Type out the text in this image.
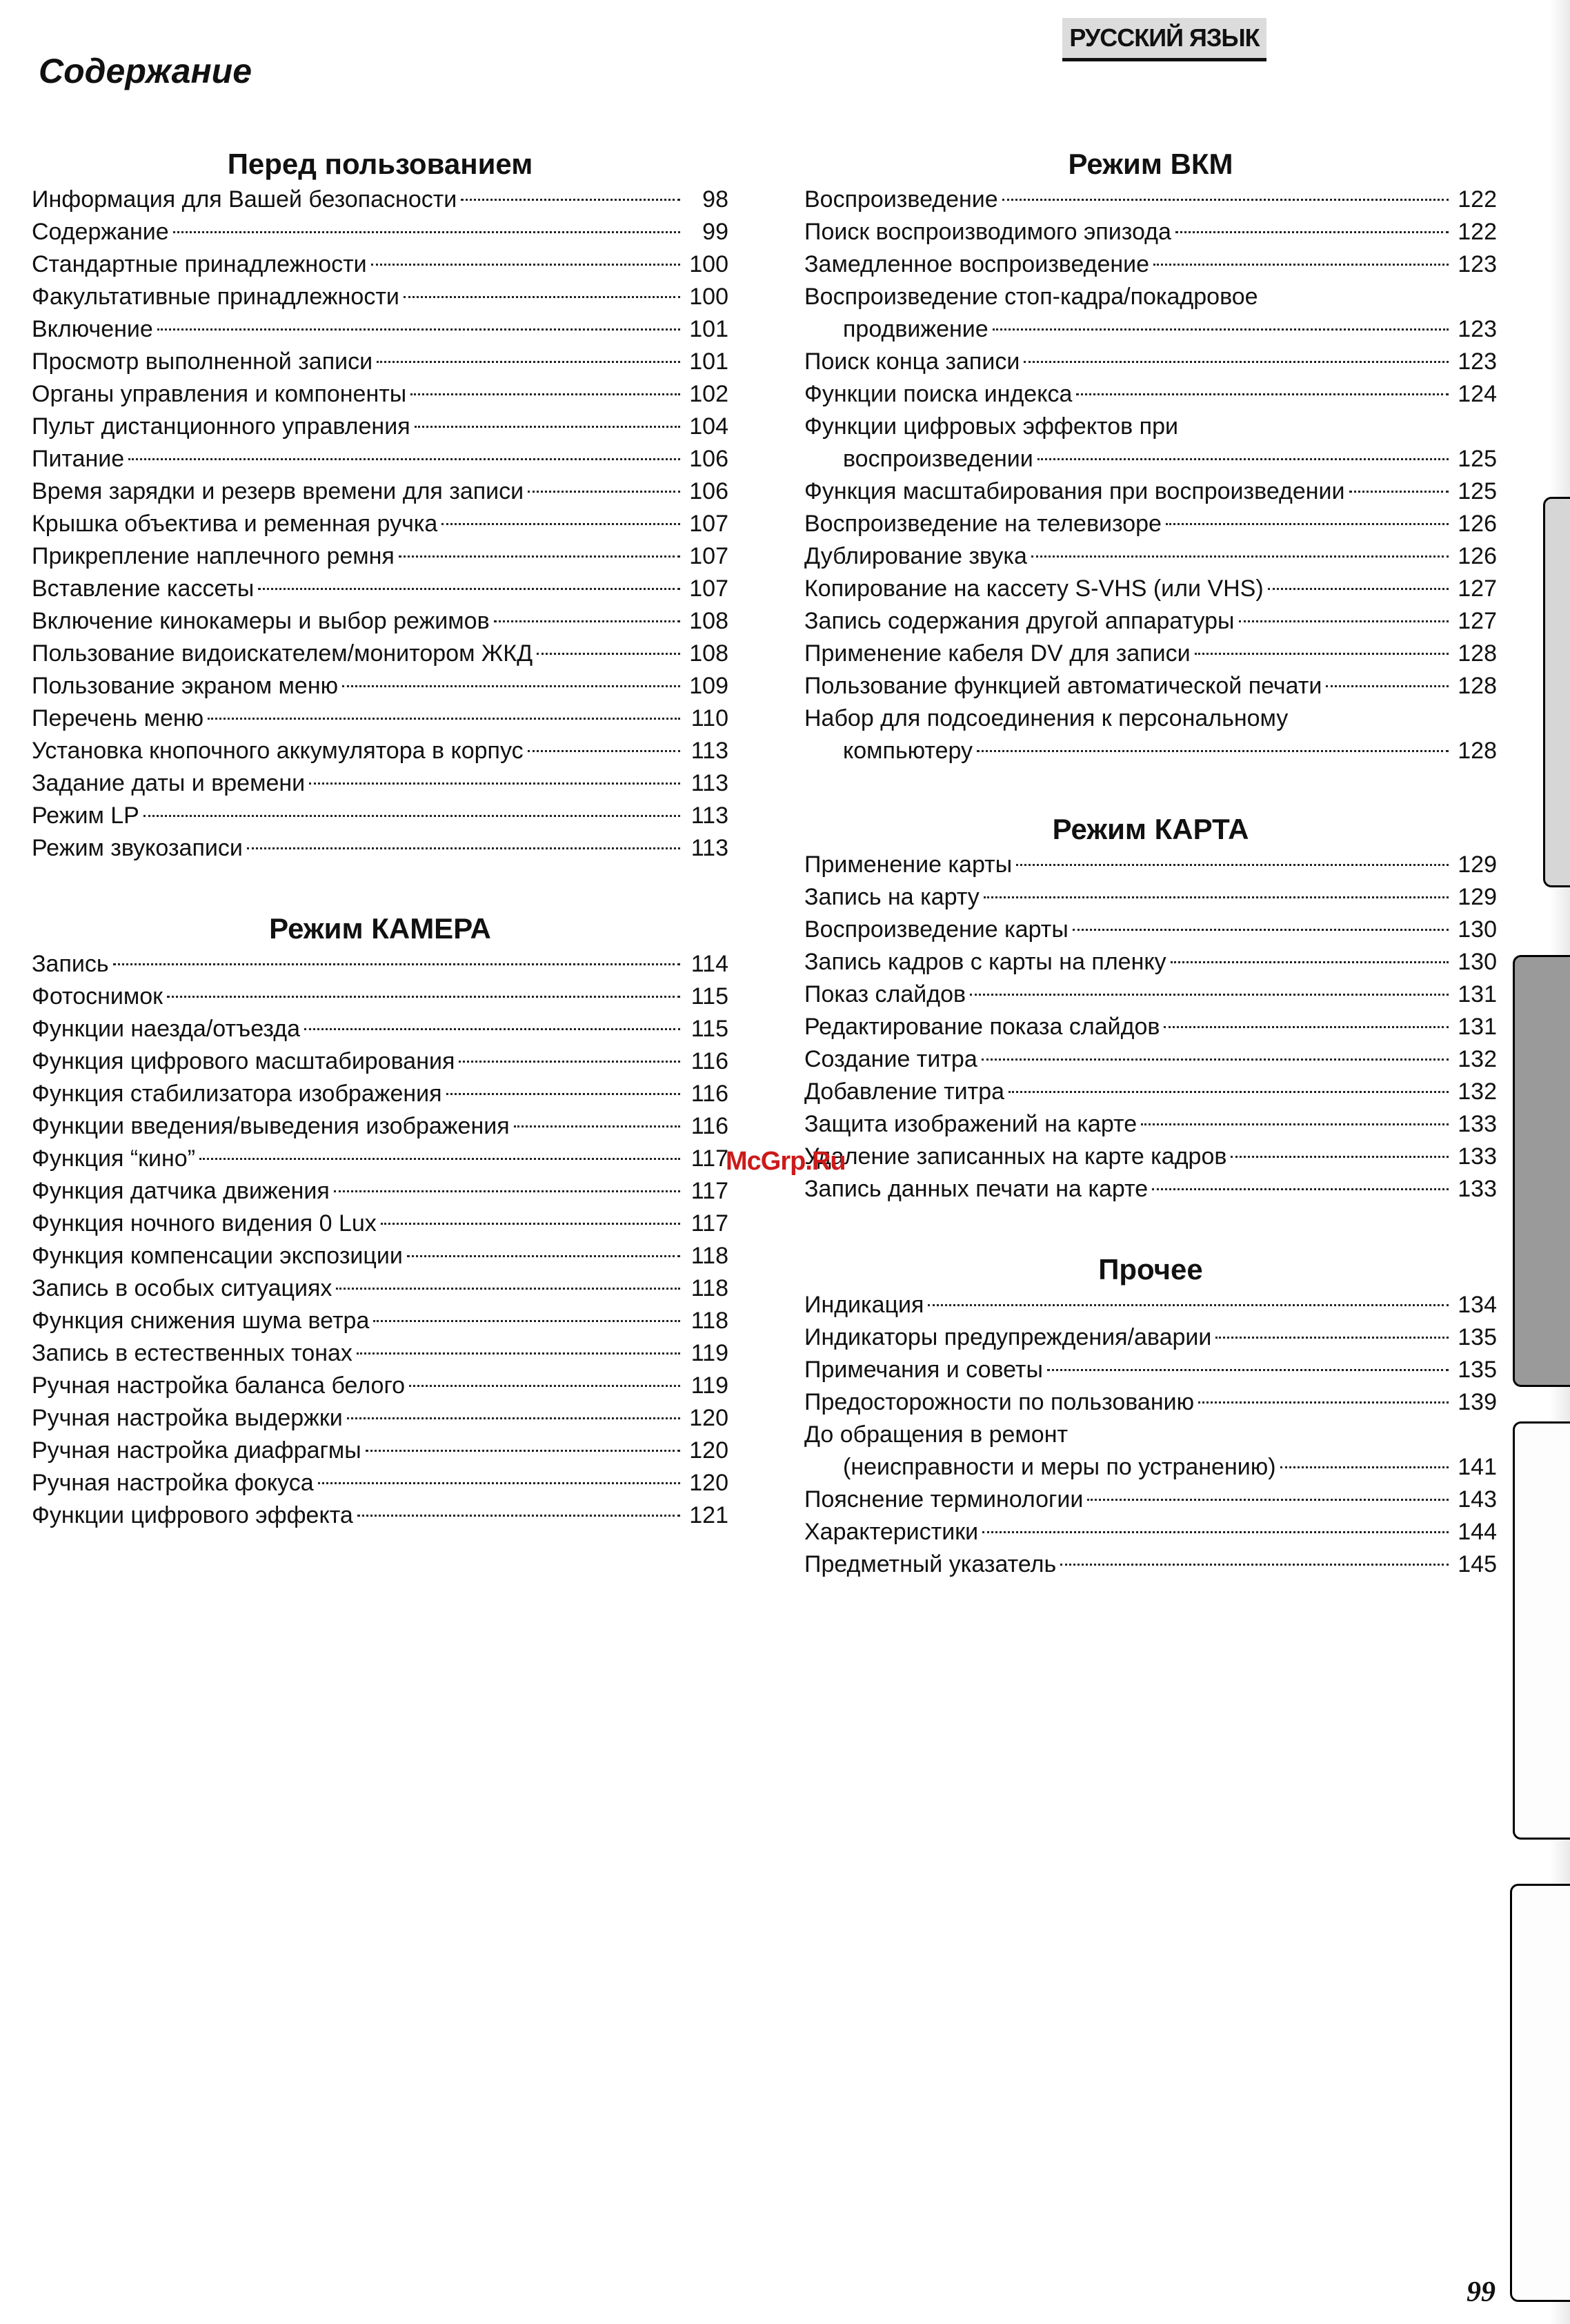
Содержание
РУССКИЙ ЯЗЫК
Перед пользованием
Информация для Вашей безопасности	98
Содержание	99
Стандартные принадлежности	100
Факультативные принадлежности	100
Включение	101
Просмотр выполненной записи	101
Органы управления и компоненты	102
Пульт дистанционного управления	104
Питание	106
Время зарядки и резерв времени для записи	106
Крышка объектива и ременная ручка	107
Прикрепление наплечного ремня	107
Вставление кассеты	107
Включение кинокамеры и выбор режимов	108
Пользование видоискателем/монитором ЖКД	108
Пользование экраном меню	109
Перечень меню	110
Установка кнопочного аккумулятора в корпус	113
Задание даты и времени	113
Режим LP	113
Режим звукозаписи	113
Режим КАМЕРА
Запись	114
Фотоснимок	115
Функции наезда/отъезда	115
Функция цифрового масштабирования	116
Функция стабилизатора изображения	116
Функции введения/выведения изображения	116
Функция “кино”	117
Функция датчика движения	117
Функция ночного видения 0 Lux	117
Функция компенсации экспозиции	118
Запись в особых ситуациях	118
Функция снижения шума ветра	118
Запись в естественных тонах	119
Ручная настройка баланса белого	119
Ручная настройка выдержки	120
Ручная настройка диафрагмы	120
Ручная настройка фокуса	120
Функции цифрового эффекта	121
Режим ВКМ
Воспроизведение	122
Поиск воспроизводимого эпизода	122
Замедленное воспроизведение	123
Воспроизведение стоп-кадра/покадровое
продвижение	123
Поиск конца записи	123
Функции поиска индекса	124
Функции цифровых эффектов при
воспроизведении	125
Функция масштабирования при воспроизведении	125
Воспроизведение на телевизоре	126
Дублирование звука	126
Копирование на кассету S-VHS (или VHS)	127
Запись содержания другой аппаратуры	127
Применение кабеля DV для записи	128
Пользование функцией автоматической печати	128
Набор для подсоединения к персональному
компьютеру	128
Режим КАРТА
Применение карты	129
Запись на карту	129
Воспроизведение карты	130
Запись кадров с карты на пленку	130
Показ слайдов	131
Редактирование показа слайдов	131
Создание титра	132
Добавление титра	132
Защита изображений на карте	133
Удаление записанных на карте кадров	133
Запись данных печати на карте	133
Прочее
Индикация	134
Индикаторы предупреждения/аварии	135
Примечания и советы	135
Предосторожности по пользованию	139
До обращения в ремонт
(неисправности и меры по устранению)	141
Пояснение терминологии	143
Характеристики	144
Предметный указатель	145
McGrp.Ru
99
